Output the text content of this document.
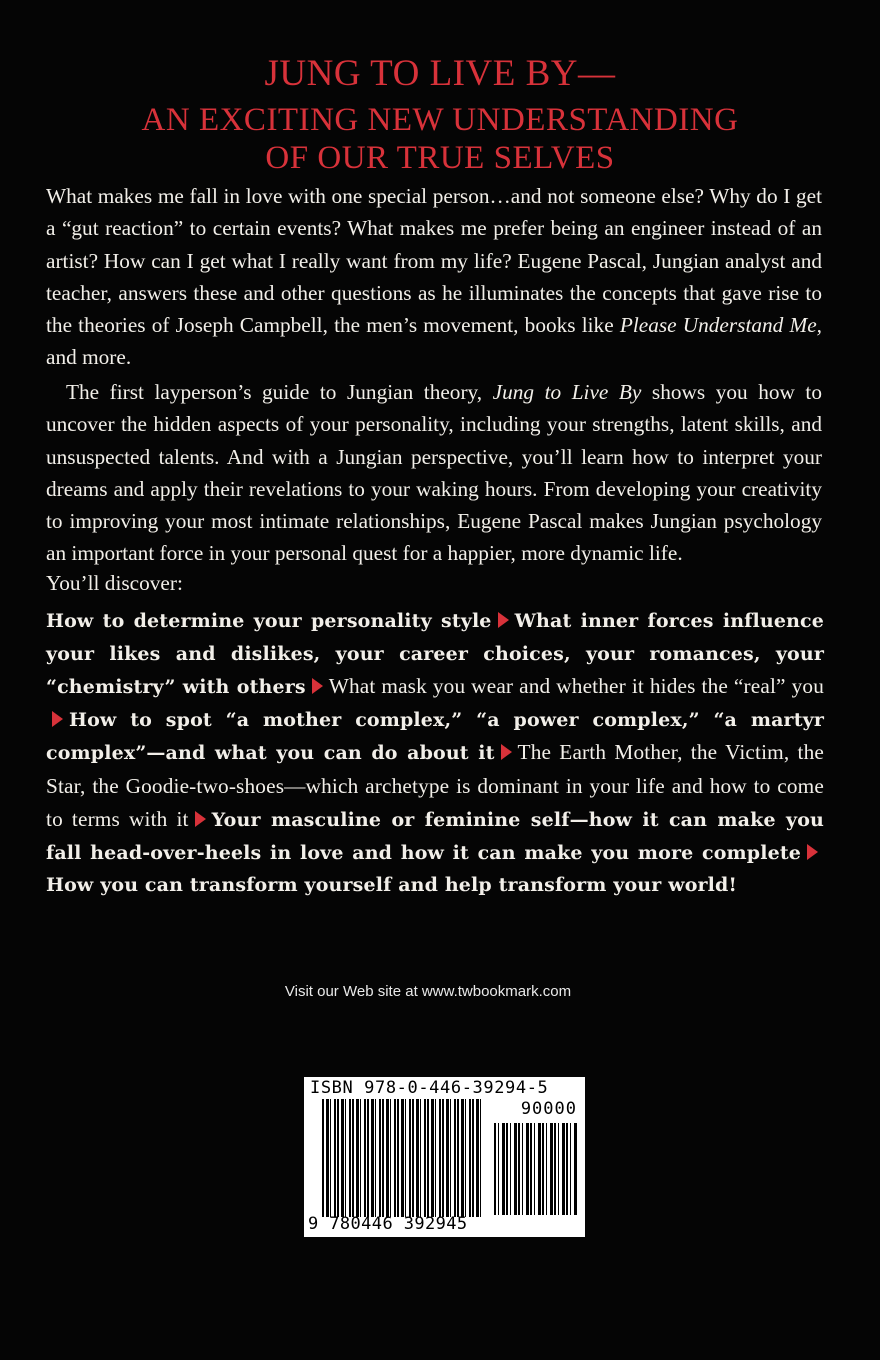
JUNG TO LIVE BY—
AN EXCITING NEW UNDERSTANDING
OF OUR TRUE SELVES

What makes me fall in love with one special person…and not someone else? Why do I get a “gut reaction” to certain events? What makes me prefer being an engineer instead of an artist? How can I get what I really want from my life? Eugene Pascal, Jungian analyst and teacher, answers these and other questions as he illuminates the concepts that gave rise to the theories of Joseph Campbell, the men’s movement, books like Please Understand Me, and more.

The first layperson’s guide to Jungian theory, Jung to Live By shows you how to uncover the hidden aspects of your personality, including your strengths, latent skills, and unsuspected talents. And with a Jungian perspective, you’ll learn how to interpret your dreams and apply their revelations to your waking hours. From developing your creativity to improving your most intimate relationships, Eugene Pascal makes Jungian psychology an important force in your personal quest for a happier, more dynamic life.

You’ll discover:

How to determine your personality style What inner forces influence your likes and dislikes, your career choices, your romances, your “chemistry” with others What mask you wear and whether it hides the “real” youHow to spot “a mother complex,” “a power complex,” “a martyr complex”—and what you can do about it The Earth Mother, the Victim, the Star, the Goodie-two-shoes—which archetype is dominant in your life and how to come to terms with it Your masculine or feminine self—how it can make you fall head-over-heels in love and how it can make you more completeHow you can transform yourself and help transform your world!
Visit our Web site at www.twbookmark.com
ISBN 978-0-446-39294-5
90000
9 780446 392945
